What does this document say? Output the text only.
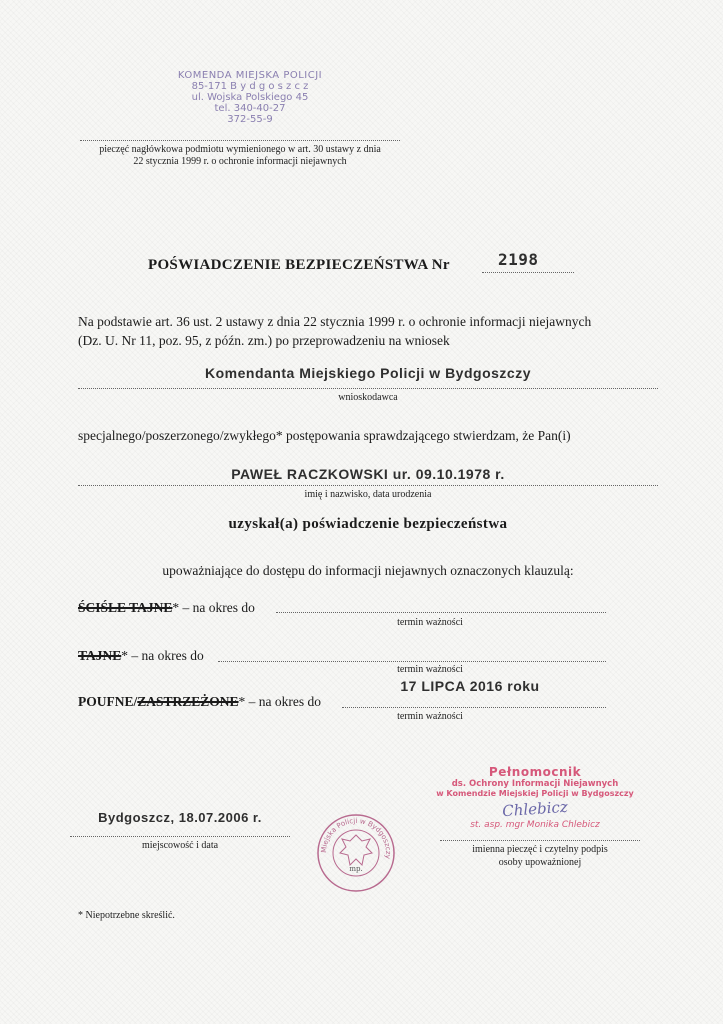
KOMENDA MIEJSKA POLICJI
85-171 B y d g o s z c z
ul. Wojska Polskiego 45
tel. 340-40-27
372-55-9
pieczęć nagłówkowa podmiotu wymienionego w art. 30 ustawy z dnia
22 stycznia 1999 r. o ochronie informacji niejawnych
POŚWIADCZENIE BEZPIECZEŃSTWA Nr	2198
Na podstawie art. 36 ust. 2 ustawy z dnia 22 stycznia 1999 r. o ochronie informacji niejawnych
(Dz. U. Nr 11, poz. 95, z późn. zm.) po przeprowadzeniu na wniosek
Komendanta Miejskiego Policji w Bydgoszczy
wnioskodawca
specjalnego/poszerzonego/zwykłego* postępowania sprawdzającego stwierdzam, że Pan(i)
PAWEŁ RACZKOWSKI ur. 09.10.1978 r.
imię i nazwisko, data urodzenia
uzyskał(a) poświadczenie bezpieczeństwa
upoważniające do dostępu do informacji niejawnych oznaczonych klauzulą:
ŚCIŚLE TAJNE* – na okres do
termin ważności
TAJNE* – na okres do
termin ważności
17 LIPCA 2016 roku
POUFNE/ZASTRZEŻONE* – na okres do
termin ważności
Bydgoszcz, 18.07.2006 r.
miejscowość i data	Miejska Policji w Bydgoszczy
mp.
Pełnomocnik
ds. Ochrony Informacji Niejawnych
w Komendzie Miejskiej Policji w Bydgoszczy
Chlebicz
st. asp. mgr Monika Chlebicz
imienna pieczęć i czytelny podpis
osoby upoważnionej
* Niepotrzebne skreślić.
